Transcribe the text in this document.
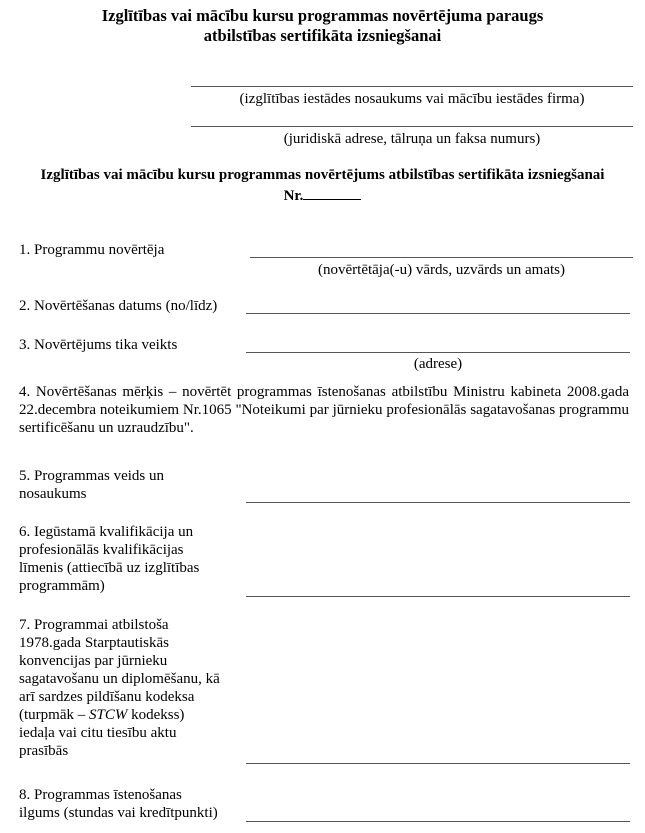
Izglītības vai mācību kursu programmas novērtējuma paraugs
atbilstības sertifikāta izsniegšanai
(izglītības iestādes nosaukums vai mācību iestādes firma)
(juridiskā adrese, tālruņa un faksa numurs)
Izglītības vai mācību kursu programmas novērtējums atbilstības sertifikāta izsniegšanai
Nr.
1. Programmu novērtēja
(novērtētāja(-u) vārds, uzvārds un amats)
2. Novērtēšanas datums (no/līdz)
3. Novērtējums tika veikts
(adrese)
4. Novērtēšanas mērķis – novērtēt programmas īstenošanas atbilstību Ministru kabineta 2008.gada 22.decembra noteikumiem Nr.1065 "Noteikumi par jūrnieku profesionālās sagatavošanas programmu sertificēšanu un uzraudzību".
5. Programmas veids un
nosaukums
6. Iegūstamā kvalifikācija un
profesionālās kvalifikācijas
līmenis (attiecībā uz izglītības
programmām)
7. Programmai atbilstoša
1978.gada Starptautiskās
konvencijas par jūrnieku
sagatavošanu un diplomēšanu, kā
arī sardzes pildīšanu kodeksa
(turpmāk – STCW kodekss)
iedaļa vai citu tiesību aktu
prasībās
8. Programmas īstenošanas
ilgums (stundas vai kredītpunkti)
